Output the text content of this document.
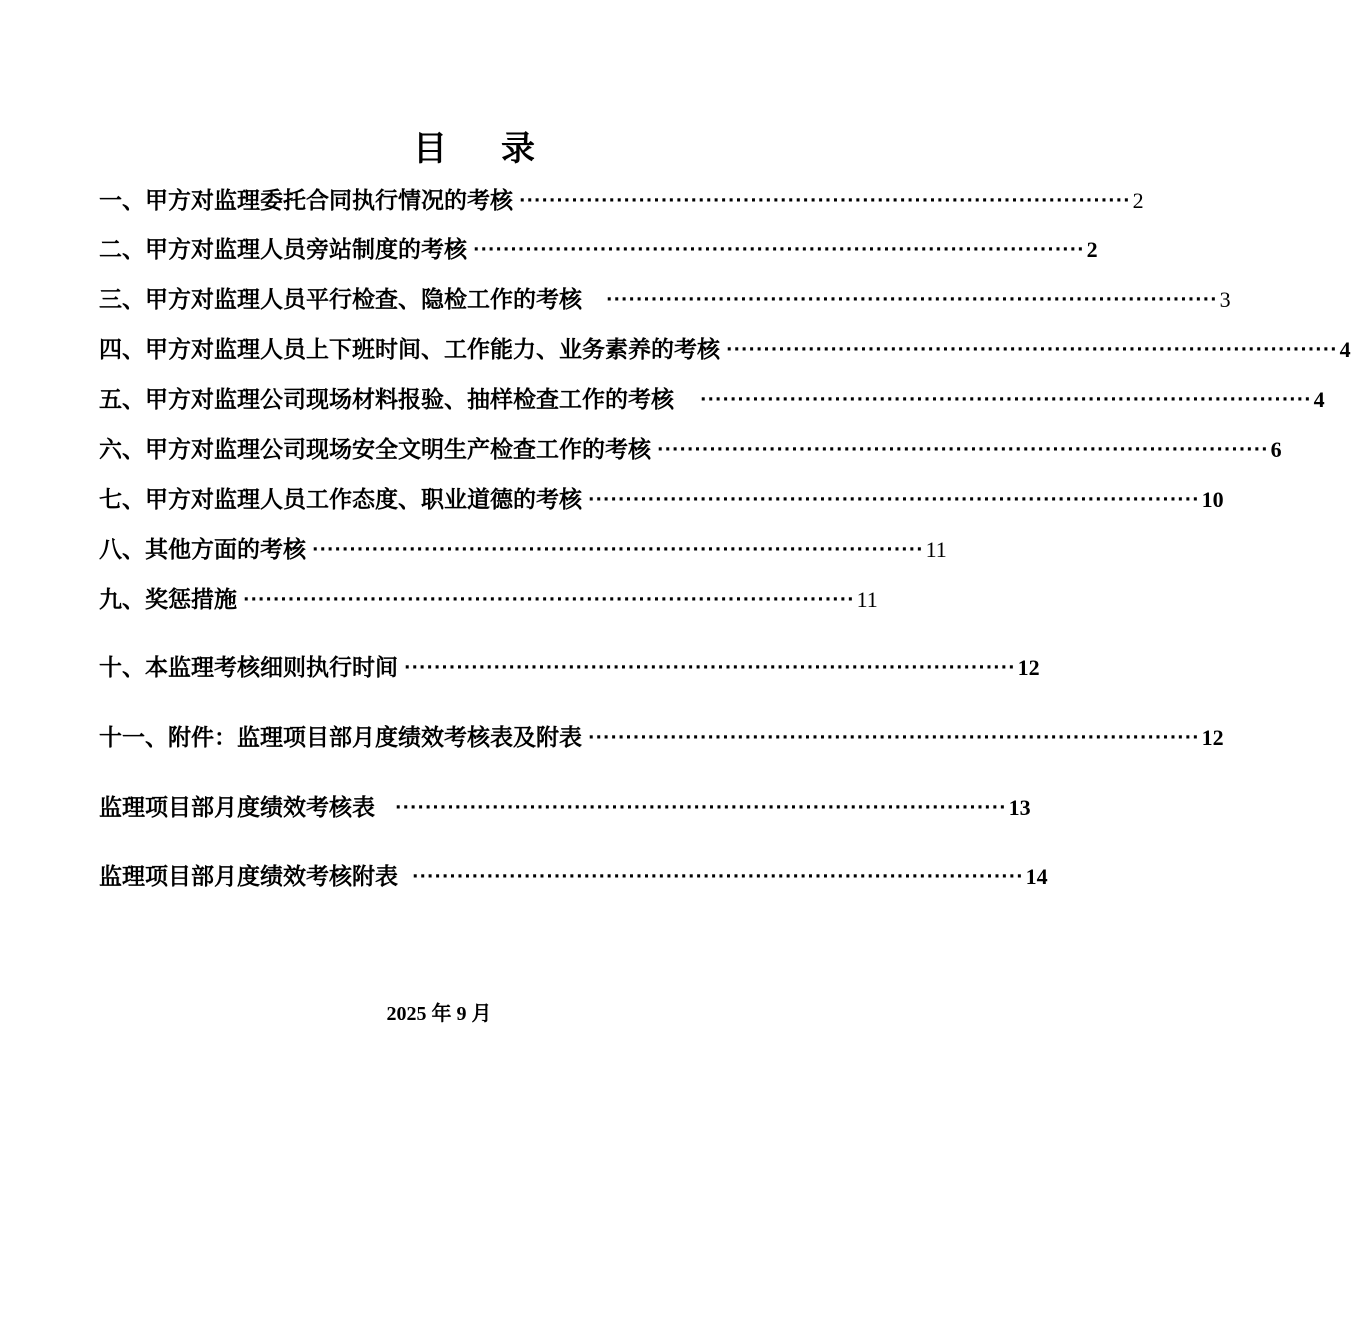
目 录
一、甲方对监理委托合同执行情况的考核 ·················································································· 2
二、甲方对监理人员旁站制度的考核 ·················································································· 2
三、甲方对监理人员平行检查、隐检工作的考核 ·················································································· 3
四、甲方对监理人员上下班时间、工作能力、业务素养的考核 ·················································································· 4
五、甲方对监理公司现场材料报验、抽样检查工作的考核 ·················································································· 4
六、甲方对监理公司现场安全文明生产检查工作的考核 ·················································································· 6
七、甲方对监理人员工作态度、职业道德的考核 ·················································································· 10
八、其他方面的考核 ·················································································· 11
九、奖惩措施 ·················································································· 11
十、本监理考核细则执行时间 ·················································································· 12
十一、附件：监理项目部月度绩效考核表及附表 ·················································································· 12
监理项目部月度绩效考核表 ·················································································· 13
监理项目部月度绩效考核附表 ·················································································· 14
2025 年 9 月
